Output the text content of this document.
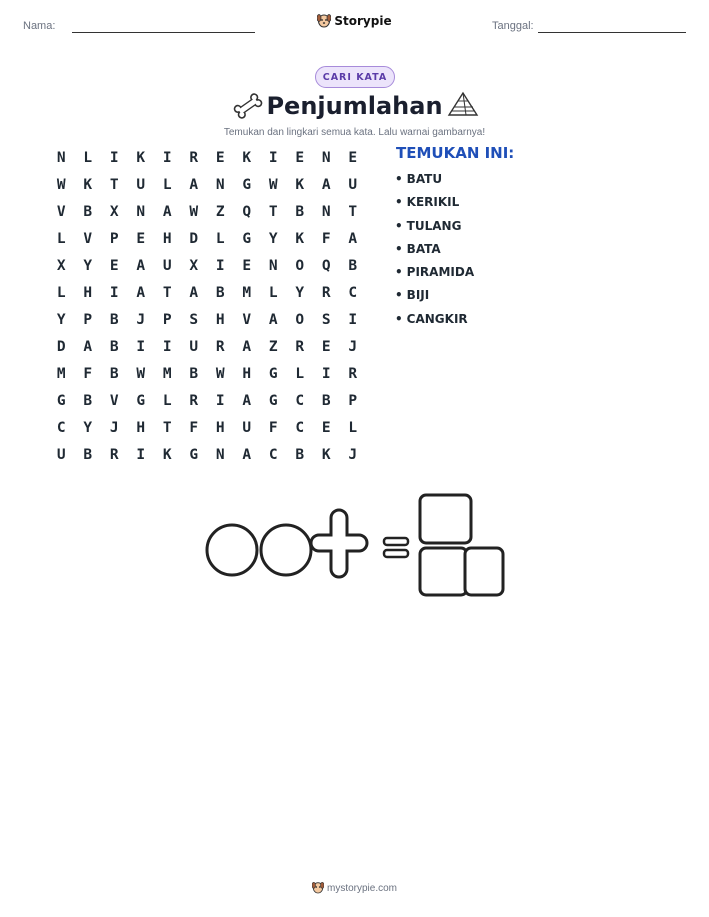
Nama:	Storypie	Tanggal:
CARI KATA
Penjumlahan
Temukan dan lingkari semua kata. Lalu warnai gambarnya!
N	L	I	K	I	R	E	K	I	E	N	E
W	K	T	U	L	A	N	G	W	K	A	U
V	B	X	N	A	W	Z	Q	T	B	N	T
L	V	P	E	H	D	L	G	Y	K	F	A
X	Y	E	A	U	X	I	E	N	O	Q	B
L	H	I	A	T	A	B	M	L	Y	R	C
Y	P	B	J	P	S	H	V	A	O	S	I
D	A	B	I	I	U	R	A	Z	R	E	J
M	F	B	W	M	B	W	H	G	L	I	R
G	B	V	G	L	R	I	A	G	C	B	P
C	Y	J	H	T	F	H	U	F	C	E	L
U	B	R	I	K	G	N	A	C	B	K	J
TEMUKAN INI:
• BATU
• KERIKIL
• TULANG
• BATA
• PIRAMIDA
• BIJI
• CANGKIR
mystorypie.com
